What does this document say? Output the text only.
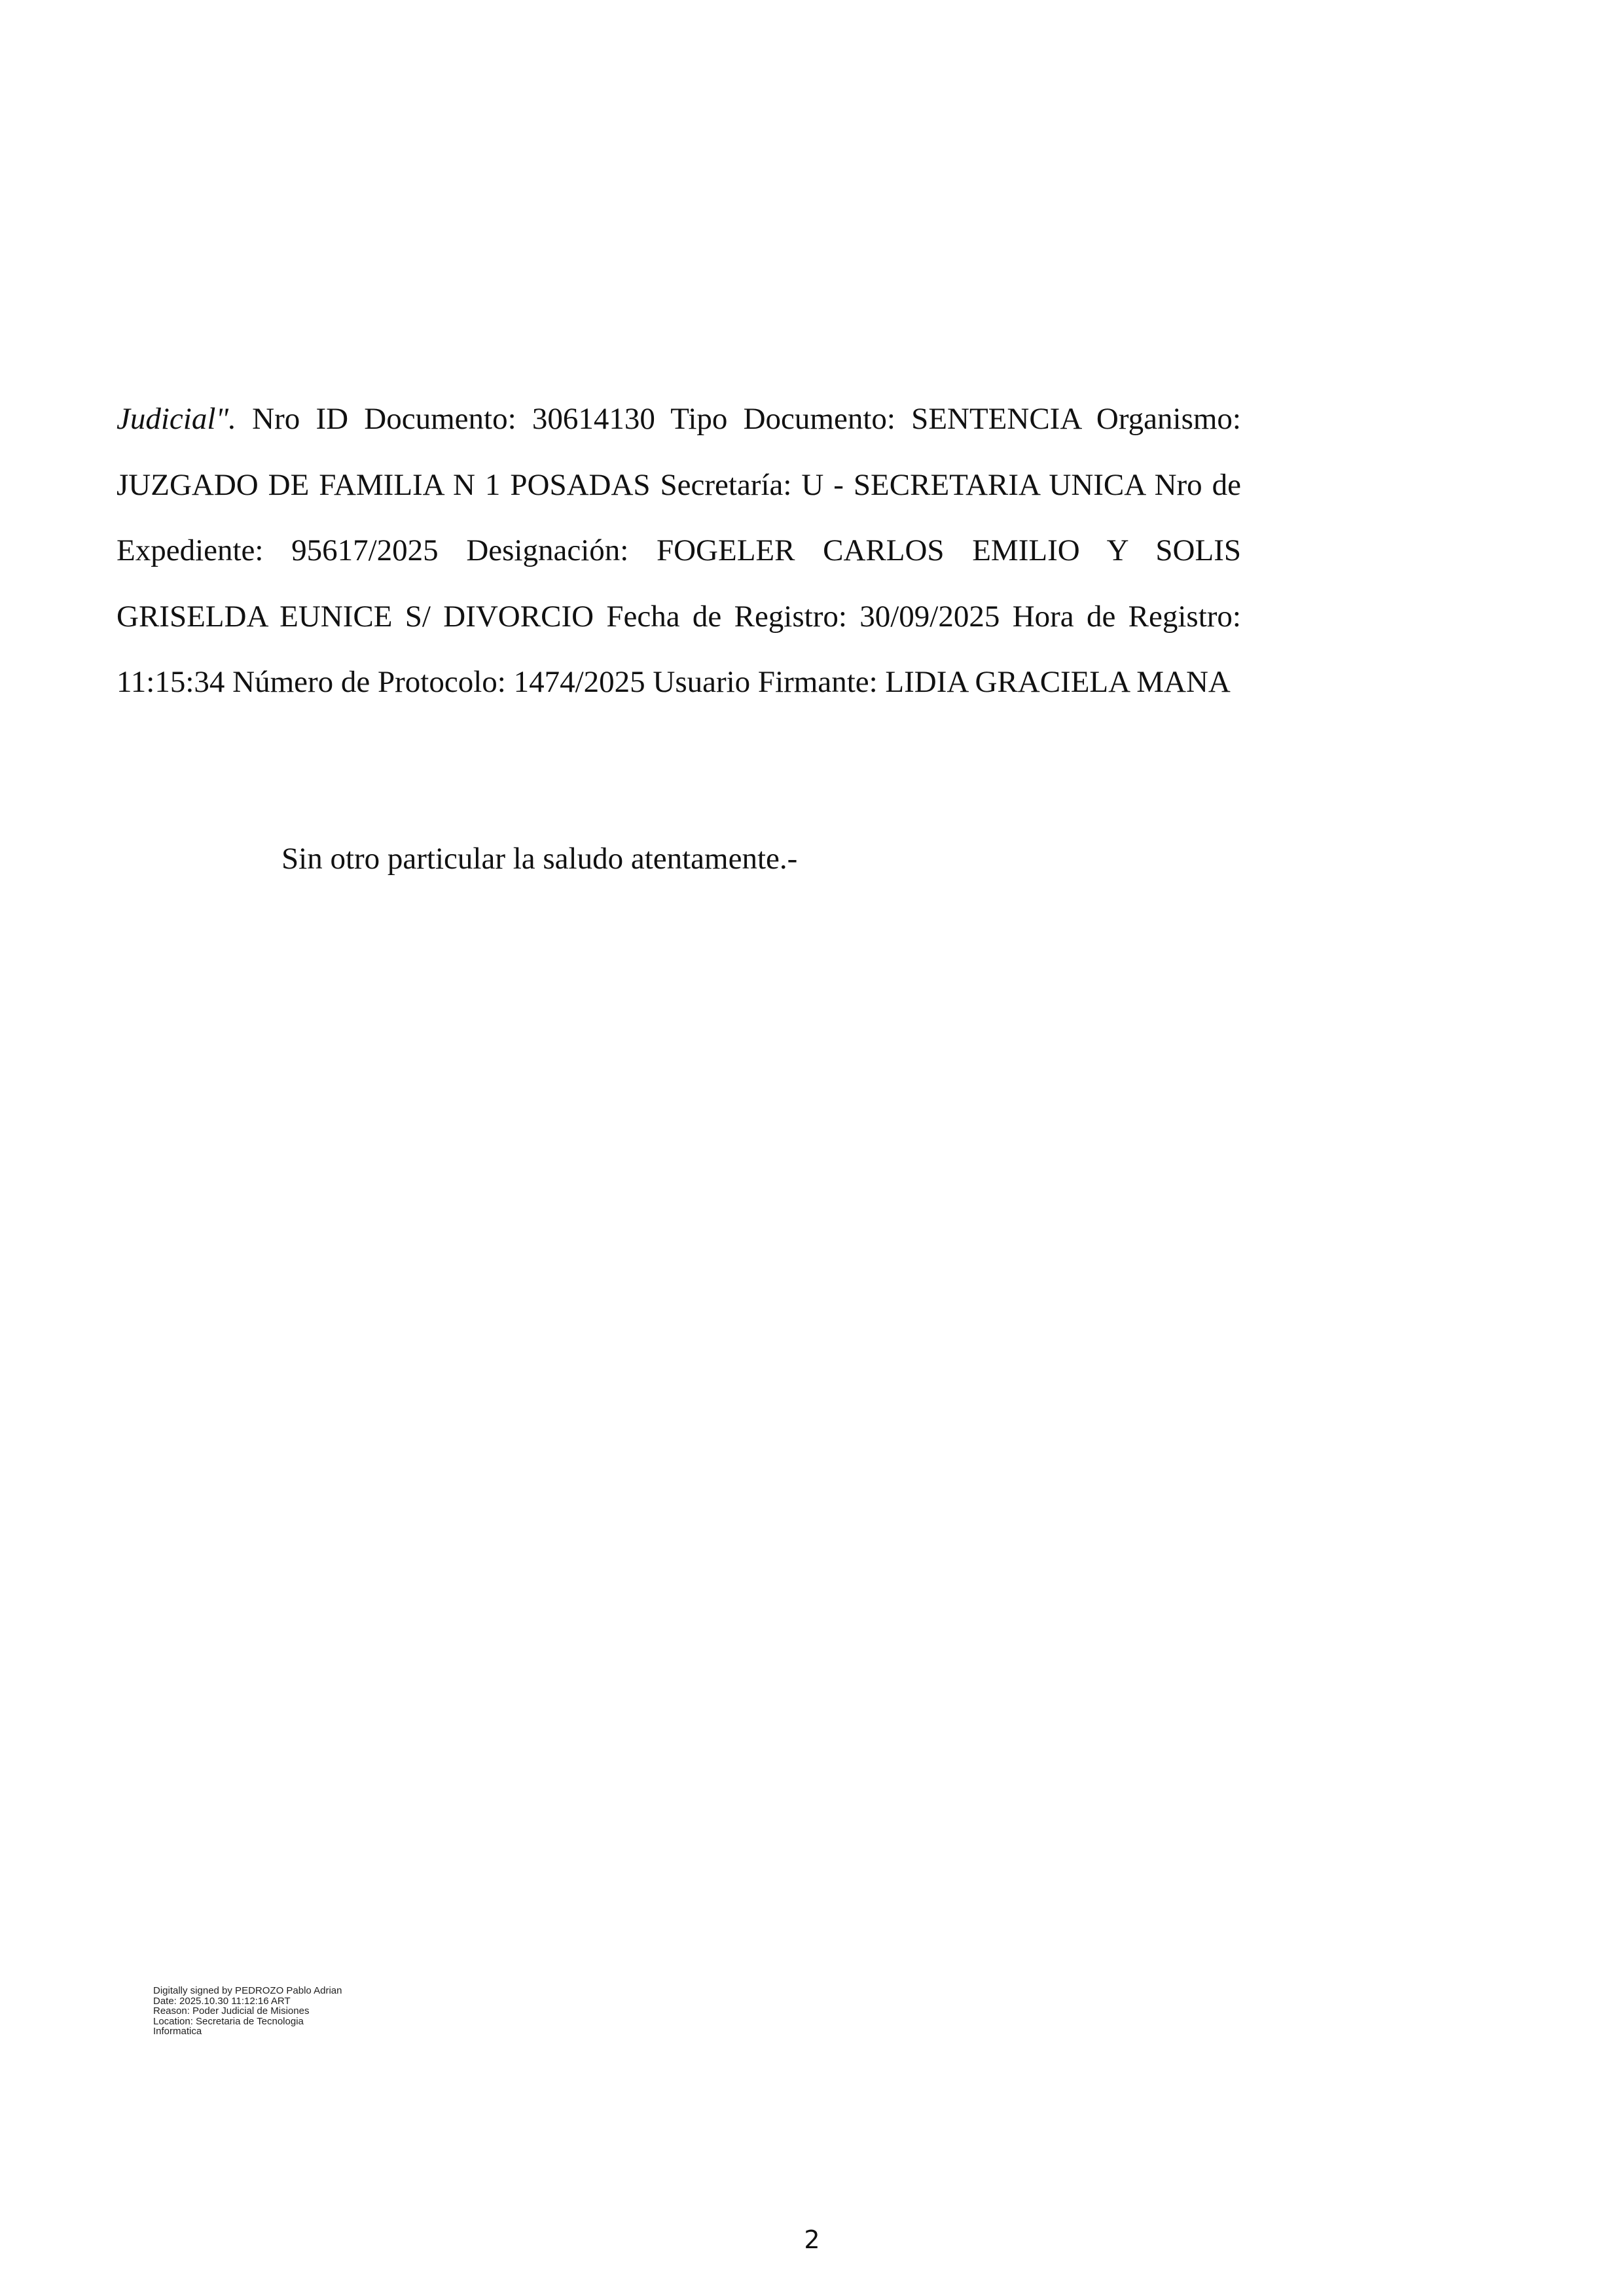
Judicial". Nro ID Documento: 30614130 Tipo Documento: SENTENCIA Organismo: JUZGADO DE FAMILIA N 1 POSADAS Secretaría: U - SECRETARIA UNICA Nro de Expediente: 95617/2025 Designación: FOGELER CARLOS EMILIO Y SOLIS GRISELDA EUNICE S/ DIVORCIO Fecha de Registro: 30/09/2025 Hora de Registro: 11:15:34 Número de Protocolo: 1474/2025 Usuario Firmante: LIDIA GRACIELA MANA

Sin otro particular la saludo atentamente.-

Digitally signed by PEDROZO Pablo Adrian
Date: 2025.10.30 11:12:16 ART
Reason: Poder Judicial de Misiones
Location: Secretaria de Tecnologia
Informatica

2
